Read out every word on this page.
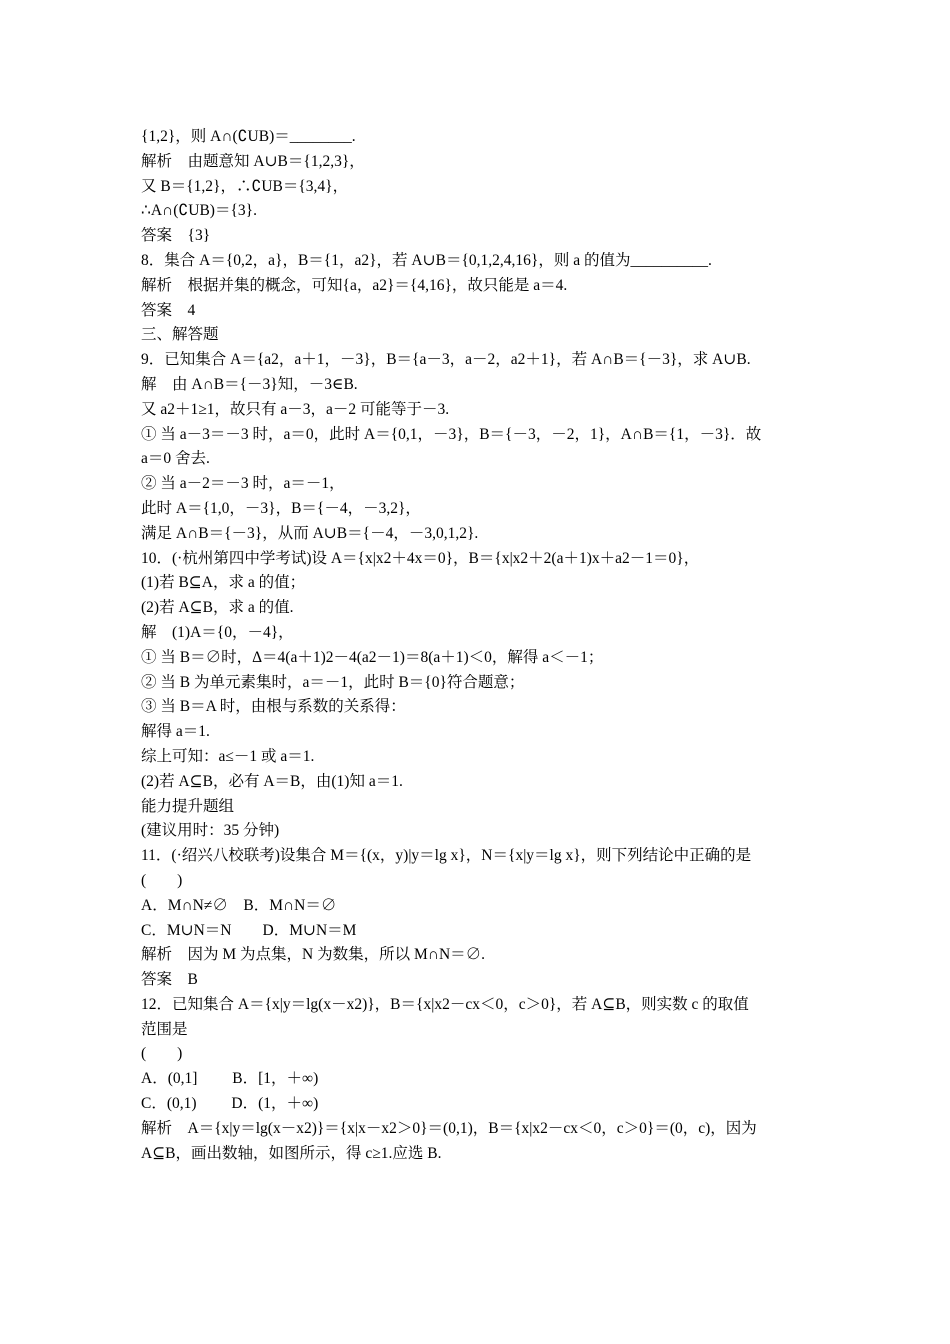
{1,2}，则 A∩(∁UB)＝________.
解析　由题意知 A∪B＝{1,2,3}，
又 B＝{1,2}，∴∁UB＝{3,4}，
∴A∩(∁UB)＝{3}.
答案　{3}
8．集合 A＝{0,2，a}，B＝{1，a2}，若 A∪B＝{0,1,2,4,16}，则 a 的值为__________.
解析　根据并集的概念，可知{a，a2}＝{4,16}，故只能是 a＝4.
答案　4
三、解答题
9．已知集合 A＝{a2，a＋1，－3}，B＝{a－3，a－2，a2＋1}，若 A∩B＝{－3}，求 A∪B.
解　由 A∩B＝{－3}知，－3∈B.
又 a2＋1≥1，故只有 a－3，a－2 可能等于－3.
① 当 a－3＝－3 时，a＝0，此时 A＝{0,1，－3}，B＝{－3，－2，1}，A∩B＝{1，－3}．故
a＝0 舍去.
② 当 a－2＝－3 时，a＝－1，
此时 A＝{1,0，－3}，B＝{－4，－3,2}，
满足 A∩B＝{－3}，从而 A∪B＝{－4，－3,0,1,2}.
10．(·杭州第四中学考试)设 A＝{x|x2＋4x＝0}，B＝{x|x2＋2(a＋1)x＋a2－1＝0}，
(1)若 B⊆A，求 a 的值；
(2)若 A⊆B，求 a 的值.
解　(1)A＝{0，－4}，
① 当 B＝∅时，Δ＝4(a＋1)2－4(a2－1)＝8(a＋1)＜0，解得 a＜－1；
② 当 B 为单元素集时，a＝－1，此时 B＝{0}符合题意；
③ 当 B＝A 时，由根与系数的关系得：
解得 a＝1.
综上可知：a≤－1 或 a＝1.
(2)若 A⊆B，必有 A＝B，由(1)知 a＝1.
能力提升题组
(建议用时：35 分钟)
11．(·绍兴八校联考)设集合 M＝{(x，y)|y＝lg x}，N＝{x|y＝lg x}，则下列结论中正确的是
(　　)
A．M∩N≠∅　B．M∩N＝∅
C．M∪N＝N　　D．M∪N＝M
解析　因为 M 为点集，N 为数集，所以 M∩N＝∅.
答案　B
12．已知集合 A＝{x|y＝lg(x－x2)}，B＝{x|x2－cx＜0，c＞0}，若 A⊆B，则实数 c 的取值
范围是
(　　)
A．(0,1]　　 B．[1，＋∞)
C．(0,1)　　 D．(1，＋∞)
解析　A＝{x|y＝lg(x－x2)}＝{x|x－x2＞0}＝(0,1)，B＝{x|x2－cx＜0，c＞0}＝(0，c)，因为
A⊆B，画出数轴，如图所示，得 c≥1.应选 B.
